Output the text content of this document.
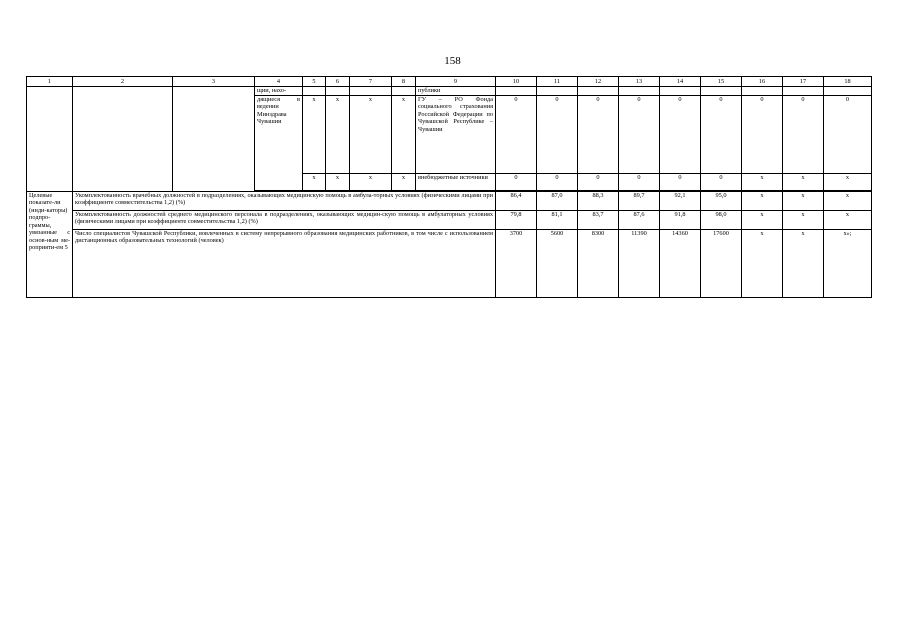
158
1	2	3	4	5	6	7	8	9	10	11	12	13	14	15	16	17	18
			щии, нахо-					публики									
			дящиеся в ведении Минздрава Чувашии	x	x	x	x	ГУ – РО Фонда социального страхования Российской Федерации по Чувашской Республике – Чувашии	0	0	0	0	0	0	0	0	0
				x	x	x	x	внебюджетные источники	0	0	0	0	0	0	x	x	x

Целевые показате-ли (инди-каторы) подпро-граммы, увязанные с основ-ным ме-роприяти-ем 5	Укомплектованность врачебных должностей в подразделениях, оказывающих медицинскую помощь в амбула-торных условиях (физическими лицами при коэффициенте совместительства 1,2) (%)								86,4	87,0	88,3	89,7	92,1	95,0	x	x	x
	Укомплектованность должностей среднего медицинского персонала в подразделениях, оказывающих медицин-скую помощь в амбулаторных условиях (физическими лицами при коэффициенте совместительства 1,2) (%)								79,8	81,1	83,7	87,6	91,8	98,0	x	x	x
	Число специалистов Чувашской Республики, вовлеченных в систему непрерывного образования медицинских работников, в том числе с использованием дистанционных образовательных технологий (человек)								3700	5600	8300	11390	14360	17600	x	x	x»;
